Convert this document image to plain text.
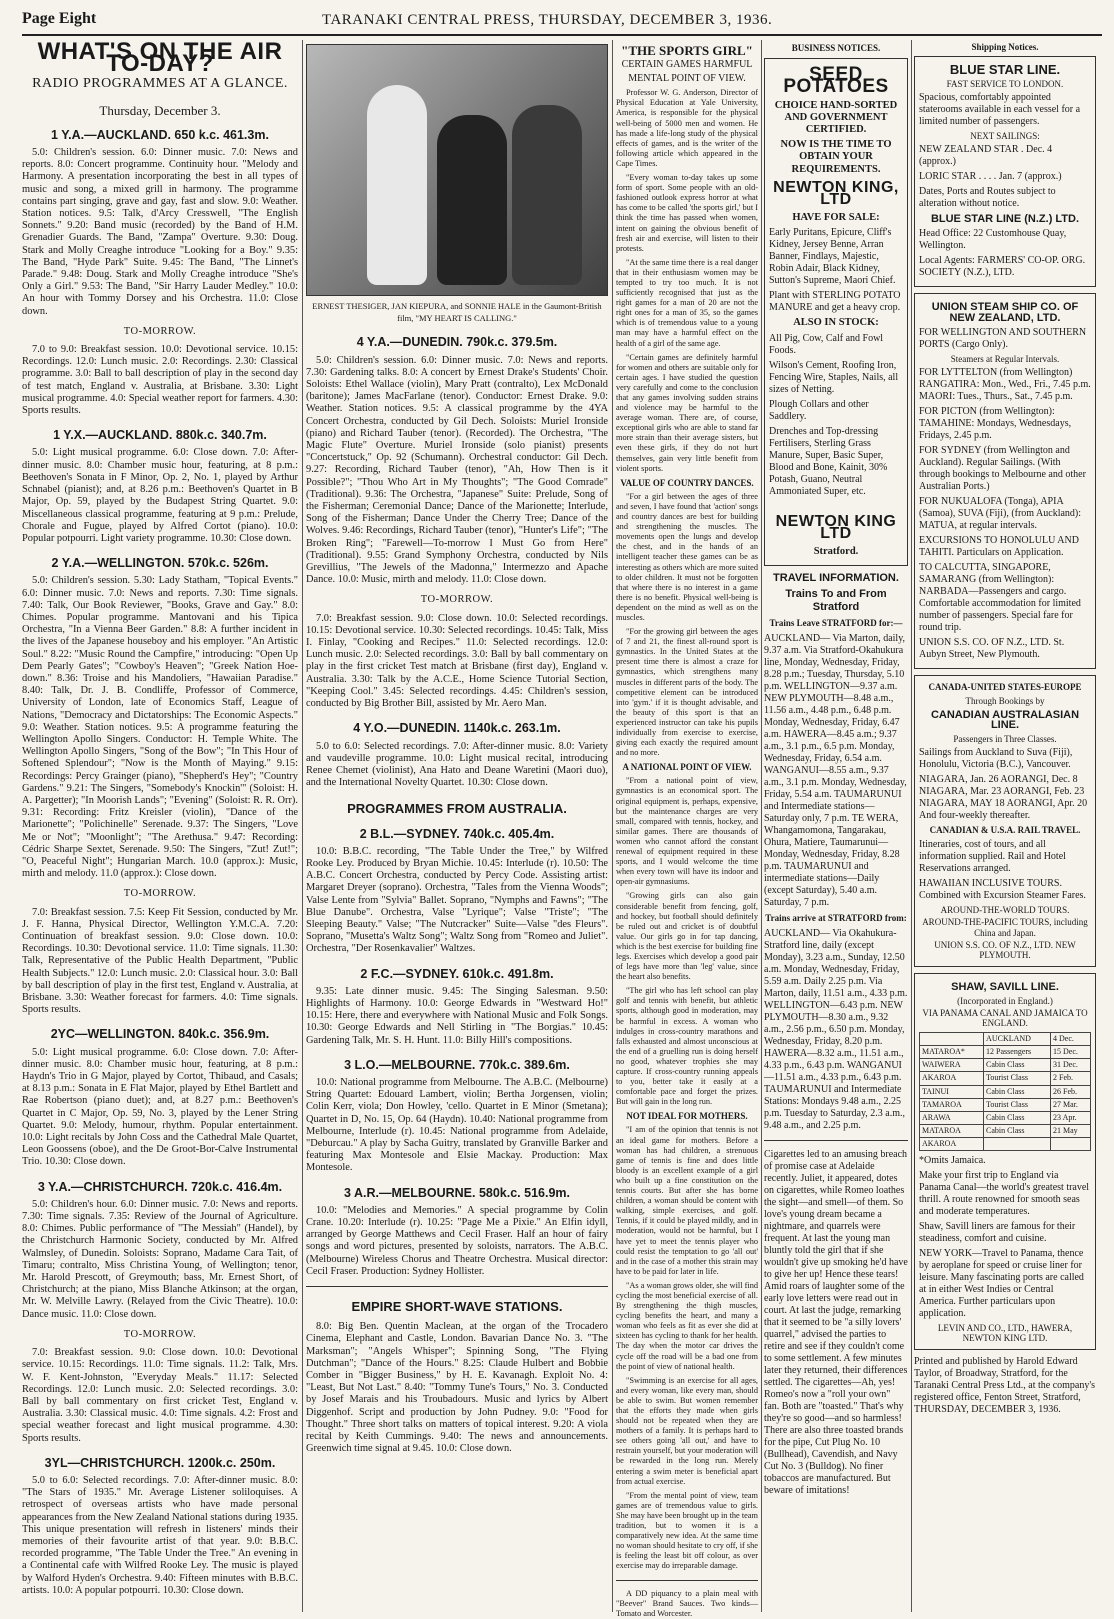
Page Eight	TARANAKI CENTRAL PRESS, THURSDAY, DECEMBER 3, 1936.
WHAT'S ON THE AIR TO-DAY?
RADIO PROGRAMMES AT A GLANCE.
Thursday, December 3.
1 Y.A.—AUCKLAND. 650 k.c. 461.3m.

5.0: Children's session. 6.0: Dinner music. 7.0: News and reports. 8.0: Concert programme. Continuity hour. "Melody and Harmony. A presentation incorporating the best in all types of music and song, a mixed grill in harmony. The programme contains part singing, grave and gay, fast and slow. 9.0: Weather. Station notices. 9.5: Talk, d'Arcy Cresswell, "The English Sonnets." 9.20: Band music (recorded) by the Band of H.M. Grenadier Guards. The Band, "Zampa" Overture. 9.30: Doug. Stark and Molly Creaghe introduce "Looking for a Boy." 9.35: The Band, "Hyde Park" Suite. 9.45: The Band, "The Linnet's Parade." 9.48: Doug. Stark and Molly Creaghe introduce "She's Only a Girl." 9.53: The Band, "Sir Harry Lauder Medley." 10.0: An hour with Tommy Dorsey and his Orchestra. 11.0: Close down.

TO-MORROW.

7.0 to 9.0: Breakfast session. 10.0: Devotional service. 10.15: Recordings. 12.0: Lunch music. 2.0: Recordings. 2.30: Classical programme. 3.0: Ball to ball description of play in the second day of test match, England v. Australia, at Brisbane. 3.30: Light musical programme. 4.0: Special weather report for farmers. 4.30: Sports results.

1 Y.X.—AUCKLAND. 880k.c. 340.7m.

5.0: Light musical programme. 6.0: Close down. 7.0: After-dinner music. 8.0: Chamber music hour, featuring, at 8 p.m.: Beethoven's Sonata in F Minor, Op. 2, No. 1, played by Arthur Schnabel (pianist); and, at 8.26 p.m.: Beethoven's Quartet in B Major, Op. 59, played by the Budapest String Quartet. 9.0: Miscellaneous classical programme, featuring at 9 p.m.: Prelude, Chorale and Fugue, played by Alfred Cortot (piano). 10.0: Popular potpourri. Light variety programme. 10.30: Close down.

2 Y.A.—WELLINGTON. 570k.c. 526m.

5.0: Children's session. 5.30: Lady Statham, "Topical Events." 6.0: Dinner music. 7.0: News and reports. 7.30: Time signals. 7.40: Talk, Our Book Reviewer, "Books, Grave and Gay." 8.0: Chimes. Popular programme. Mantovani and his Tipica Orchestra, "In a Vienna Beer Garden." 8.8: A further incident in the lives of the Japanese houseboy and his employer. "An Artistic Soul." 8.22: "Music Round the Campfire," introducing: "Open Up Dem Pearly Gates"; "Cowboy's Heaven"; "Greek Nation Hoe-down." 8.36: Troise and his Mandoliers, "Hawaiian Paradise." 8.40: Talk, Dr. J. B. Condliffe, Professor of Commerce, University of London, late of Economics Staff, League of Nations, "Democracy and Dictatorships: The Economic Aspects." 9.0: Weather. Station notices. 9.5: A programme featuring the Wellington Apollo Singers. Conductor: H. Temple White. The Wellington Apollo Singers, "Song of the Bow"; "In This Hour of Softened Splendour"; "Now is the Month of Maying." 9.15: Recordings: Percy Grainger (piano), "Shepherd's Hey"; "Country Gardens." 9.21: The Singers, "Somebody's Knockin'" (Soloist: H. A. Pargetter); "In Moorish Lands"; "Evening" (Soloist: R. R. Orr). 9.31: Recording: Fritz Kreisler (violin), "Dance of the Marionette"; "Polichinelle" Serenade. 9.37: The Singers, "Love Me or Not"; "Moonlight"; "The Arethusa." 9.47: Recording: Cédric Sharpe Sextet, Serenade. 9.50: The Singers, "Zut! Zut!"; "O, Peaceful Night"; Hungarian March. 10.0 (approx.): Music, mirth and melody. 11.0 (approx.): Close down.

TO-MORROW.

7.0: Breakfast session. 7.5: Keep Fit Session, conducted by Mr. J. F. Hanna, Physical Director, Wellington Y.M.C.A. 7.20: Continuation of breakfast session. 9.0: Close down. 10.0: Recordings. 10.30: Devotional service. 11.0: Time signals. 11.30: Talk, Representative of the Public Health Department, "Public Health Subjects." 12.0: Lunch music. 2.0: Classical hour. 3.0: Ball by ball description of play in the first test, England v. Australia, at Brisbane. 3.30: Weather forecast for farmers. 4.0: Time signals. Sports results.

2YC—WELLINGTON. 840k.c. 356.9m.

5.0: Light musical programme. 6.0: Close down. 7.0: After-dinner music. 8.0: Chamber music hour, featuring, at 8 p.m.: Haydn's Trio in G Major, played by Cortot, Thibaud, and Casals; at 8.13 p.m.: Sonata in E Flat Major, played by Ethel Bartlett and Rae Robertson (piano duet); and, at 8.27 p.m.: Beethoven's Quartet in C Major, Op. 59, No. 3, played by the Lener String Quartet. 9.0: Melody, humour, rhythm. Popular entertainment. 10.0: Light recitals by John Coss and the Cathedral Male Quartet, Leon Goossens (oboe), and the De Groot-Bor-Calve Instrumental Trio. 10.30: Close down.

3 Y.A.—CHRISTCHURCH. 720k.c. 416.4m.

5.0: Children's hour. 6.0: Dinner music. 7.0: News and reports. 7.30: Time signals. 7.35: Review of the Journal of Agriculture. 8.0: Chimes. Public performance of "The Messiah" (Handel), by the Christchurch Harmonic Society, conducted by Mr. Alfred Walmsley, of Dunedin. Soloists: Soprano, Madame Cara Tait, of Timaru; contralto, Miss Christina Young, of Wellington; tenor, Mr. Harold Prescott, of Greymouth; bass, Mr. Ernest Short, of Christchurch; at the piano, Miss Blanche Atkinson; at the organ, Mr. W. Melville Lawry. (Relayed from the Civic Theatre). 10.0: Dance music. 11.0: Close down.

TO-MORROW.

7.0: Breakfast session. 9.0: Close down. 10.0: Devotional service. 10.15: Recordings. 11.0: Time signals. 11.2: Talk, Mrs. W. F. Kent-Johnston, "Everyday Meals." 11.17: Selected Recordings. 12.0: Lunch music. 2.0: Selected recordings. 3.0: Ball by ball commentary on first cricket Test, England v. Australia. 3.30: Classical music. 4.0: Time signals. 4.2: Frost and special weather forecast and light musical programme. 4.30: Sports results.

3YL—CHRISTCHURCH. 1200k.c. 250m.

5.0 to 6.0: Selected recordings. 7.0: After-dinner music. 8.0: "The Stars of 1935." Mr. Average Listener soliloquises. A retrospect of overseas artists who have made personal appearances from the New Zealand National stations during 1935. This unique presentation will refresh in listeners' minds their memories of their favourite artist of that year. 9.0: B.B.C. recorded programme, "The Table Under the Tree." An evening in a Continental cafe with Wilfred Rooke Ley. The music is played by Walford Hyden's Orchestra. 9.40: Fifteen minutes with B.B.C. artists. 10.0: A popular potpourri. 10.30: Close down.

ERNEST THESIGER, JAN KIEPURA, and SONNIE HALE in the Gaumont-British film, "MY HEART IS CALLING."
4 Y.A.—DUNEDIN. 790k.c. 379.5m.

5.0: Children's session. 6.0: Dinner music. 7.0: News and reports. 7.30: Gardening talks. 8.0: A concert by Ernest Drake's Students' Choir. Soloists: Ethel Wallace (violin), Mary Pratt (contralto), Lex McDonald (baritone); James MacFarlane (tenor). Conductor: Ernest Drake. 9.0: Weather. Station notices. 9.5: A classical programme by the 4YA Concert Orchestra, conducted by Gil Dech. Soloists: Muriel Ironside (piano) and Richard Tauber (tenor). (Recorded). The Orchestra, "The Magic Flute" Overture. Muriel Ironside (solo pianist) presents "Concertstuck," Op. 92 (Schumann). Orchestral conductor: Gil Dech. 9.27: Recording, Richard Tauber (tenor), "Ah, How Then is it Possible?"; "Thou Who Art in My Thoughts"; "The Good Comrade" (Traditional). 9.36: The Orchestra, "Japanese" Suite: Prelude, Song of the Fisherman; Ceremonial Dance; Dance of the Marionette; Interlude, Song of the Fisherman; Dance Under the Cherry Tree; Dance of the Wolves. 9.46: Recordings, Richard Tauber (tenor), "Hunter's Life"; "The Broken Ring"; "Farewell—To-morrow I Must Go from Here" (Traditional). 9.55: Grand Symphony Orchestra, conducted by Nils Grevillius, "The Jewels of the Madonna," Intermezzo and Apache Dance. 10.0: Music, mirth and melody. 11.0: Close down.

TO-MORROW.

7.0: Breakfast session. 9.0: Close down. 10.0: Selected recordings. 10.15: Devotional service. 10.30: Selected recordings. 10.45: Talk, Miss I. Finlay, "Cooking and Recipes." 11.0: Selected recordings. 12.0: Lunch music. 2.0: Selected recordings. 3.0: Ball by ball commentary on play in the first cricket Test match at Brisbane (first day), England v. Australia. 3.30: Talk by the A.C.E., Home Science Tutorial Section, "Keeping Cool." 3.45: Selected recordings. 4.45: Children's session, conducted by Big Brother Bill, assisted by Mr. Aero Man.

4 Y.O.—DUNEDIN. 1140k.c. 263.1m.

5.0 to 6.0: Selected recordings. 7.0: After-dinner music. 8.0: Variety and vaudeville programme. 10.0: Light musical recital, introducing Renee Chemet (violinist), Ana Hato and Deane Waretini (Maori duo), and the International Novelty Quartet. 10.30: Close down.

PROGRAMMES FROM AUSTRALIA.
2 B.L.—SYDNEY. 740k.c. 405.4m.

10.0: B.B.C. recording, "The Table Under the Tree," by Wilfred Rooke Ley. Produced by Bryan Michie. 10.45: Interlude (r). 10.50: The A.B.C. Concert Orchestra, conducted by Percy Code. Assisting artist: Margaret Dreyer (soprano). Orchestra, "Tales from the Vienna Woods"; Valse Lente from "Sylvia" Ballet. Soprano, "Nymphs and Fawns"; "The Blue Danube". Orchestra, Valse "Lyrique"; Valse "Triste"; "The Sleeping Beauty." Valse; "The Nutcracker" Suite—Valse "des Fleurs". Soprano, "Musetta's Waltz Song"; Waltz Song from "Romeo and Juliet". Orchestra, "Der Rosenkavalier" Waltzes.

2 F.C.—SYDNEY. 610k.c. 491.8m.

9.35: Late dinner music. 9.45: The Singing Salesman. 9.50: Highlights of Harmony. 10.0: George Edwards in "Westward Ho!" 10.15: Here, there and everywhere with National Music and Folk Songs. 10.30: George Edwards and Nell Stirling in "The Borgias." 10.45: Gardening Talk, Mr. S. H. Hunt. 11.0: Billy Hill's compositions.

3 L.O.—MELBOURNE. 770k.c. 389.6m.

10.0: National programme from Melbourne. The A.B.C. (Melbourne) String Quartet: Edouard Lambert, violin; Bertha Jorgensen, violin; Colin Kerr, viola; Don Howley, 'cello. Quartet in E Minor (Smetana); Quartet in D, No. 15, Op. 64 (Haydn). 10.40: National programme from Melbourne, Interlude (r). 10.45: National programme from Adelaide, "Deburcau." A play by Sacha Guitry, translated by Granville Barker and featuring Max Montesole and Elsie Mackay. Production: Max Montesole.

3 A.R.—MELBOURNE. 580k.c. 516.9m.

10.0: "Melodies and Memories." A special programme by Colin Crane. 10.20: Interlude (r). 10.25: "Page Me a Pixie." An Elfin idyll, arranged by George Matthews and Cecil Fraser. Half an hour of fairy songs and word pictures, presented by soloists, narrators. The A.B.C. (Melbourne) Wireless Chorus and Theatre Orchestra. Musical director: Cecil Fraser. Production: Sydney Hollister.

EMPIRE SHORT-WAVE STATIONS.

8.0: Big Ben. Quentin Maclean, at the organ of the Trocadero Cinema, Elephant and Castle, London. Bavarian Dance No. 3. "The Marksman"; "Angels Whisper"; Spinning Song, "The Flying Dutchman"; "Dance of the Hours." 8.25: Claude Hulbert and Bobbie Comber in "Bigger Business," by H. E. Kavanagh. Exploit No. 4: "Least, But Not Last." 8.40: "Tommy Tune's Tours," No. 3. Conducted by Josef Marais and his Troubadours. Music and lyrics by Albert Diggenhof. Script and production by John Pudney. 9.0: "Food for Thought." Three short talks on matters of topical interest. 9.20: A viola recital by Keith Cummings. 9.40: The news and announcements. Greenwich time signal at 9.45. 10.0: Close down.

"THE SPORTS GIRL"
CERTAIN GAMES HARMFUL
MENTAL POINT OF VIEW.

Professor W. G. Anderson, Director of Physical Education at Yale University, America, is responsible for the physical well-being of 5000 men and women. He has made a life-long study of the physical effects of games, and is the writer of the following article which appeared in the Cape Times.

"Every woman to-day takes up some form of sport. Some people with an old-fashioned outlook express horror at what has come to be called 'the sports girl,' but I think the time has passed when women, intent on gaining the obvious benefit of fresh air and exercise, will listen to their protests.

"At the same time there is a real danger that in their enthusiasm women may be tempted to try too much. It is not sufficiently recognised that just as the right games for a man of 20 are not the right ones for a man of 35, so the games which is of tremendous value to a young man may have a harmful effect on the health of a girl of the same age.

"Certain games are definitely harmful for women and others are suitable only for certain ages. I have studied the question very carefully and come to the conclusion that any games involving sudden strains and violence may be harmful to the average woman. There are, of course, exceptional girls who are able to stand far more strain than their average sisters, but even these girls, if they do not hurt themselves, gain very little benefit from violent sports.

VALUE OF COUNTRY DANCES.

"For a girl between the ages of three and seven, I have found that 'action' songs and country dances are best for building and strengthening the muscles. The movements open the lungs and develop the chest, and in the hands of an intelligent teacher these games can be as interesting as others which are more suited to older children. It must not be forgotten that where there is no interest in a game there is no benefit. Physical well-being is dependent on the mind as well as on the muscles.

"For the growing girl between the ages of 7 and 21, the finest all-round sport is gymnastics. In the United States at the present time there is almost a craze for gymnastics, which strengthens many muscles in different parts of the body. The competitive element can be introduced into 'gym.' if it is thought advisable, and the beauty of this sport is that an experienced instructor can take his pupils individually from exercise to exercise, giving each exactly the required amount and no more.

A NATIONAL POINT OF VIEW.

"From a national point of view, gymnastics is an economical sport. The original equipment is, perhaps, expensive, but the maintenance charges are very small, compared with tennis, hockey, and similar games. There are thousands of women who cannot afford the constant renewal of equipment required in these sports, and I would welcome the time when every town will have its indoor and open-air gymnasiums.

"Growing girls can also gain considerable benefit from fencing, golf, and hockey, but football should definitely be ruled out and cricket is of doubtful value. Our girls go in for tap dancing, which is the best exercise for building fine legs. Exercises which develop a good pair of legs have more than 'leg' value, since the heart also benefits.

"The girl who has left school can play golf and tennis with benefit, but athletic sports, although good in moderation, may be harmful in excess. A woman who indulges in cross-country marathons and falls exhausted and almost unconscious at the end of a gruelling run is doing herself no good, whatever trophies she may capture. If cross-country running appeals to you, better take it easily at a comfortable pace and forget the prizes. But will gain in the long run.

NOT IDEAL FOR MOTHERS.

"I am of the opinion that tennis is not an ideal game for mothers. Before a woman has had children, a strenuous game of tennis is fine and does little bloody is an excellent example of a girl who built up a fine constitution on the tennis courts. But after she has borne children, a woman should be content with walking, simple exercises, and golf. Tennis, if it could be played mildly, and in moderation, would not be harmful, but I have yet to meet the tennis player who could resist the temptation to go 'all out' and in the case of a mother this strain may have to be paid for later in life.

"As a woman grows older, she will find cycling the most beneficial exercise of all. By strengthening the thigh muscles, cycling benefits the heart, and many a woman who feels as fit as ever she did at sixteen has cycling to thank for her health. The day when the motor car drives the cycle off the road will be a bad one from the point of view of national health.

"Swimming is an exercise for all ages, and every woman, like every man, should be able to swim. But women remember that the efforts they made when girls should not be repeated when they are mothers of a family. It is perhaps hard to see others going 'all out,' and have to restrain yourself, but your moderation will be rewarded in the long run. Merely entering a swim meter is beneficial apart from actual exercise.

"From the mental point of view, team games are of tremendous value to girls. She may have been brought up in the team tradition, but to women it is a comparatively new idea. At the same time no woman should hesitate to cry off, if she is feeling the least bit off colour, as over exercise may do irreparable damage.

A DD piquancy to a plain meal with "Beever" Brand Sauces. Two kinds—Tomato and Worcester.

BUSINESS NOTICES.
SEED POTATOES
CHOICE HAND-SORTED AND GOVERNMENT CERTIFIED.
NOW IS THE TIME TO OBTAIN YOUR REQUIREMENTS.
NEWTON KING, LTD
HAVE FOR SALE:
Early Puritans, Epicure, Cliff's Kidney, Jersey Benne, Arran Banner, Findlays, Majestic, Robin Adair, Black Kidney, Sutton's Supreme, Maori Chief.
Plant with STERLING POTATO MANURE and get a heavy crop.
ALSO IN STOCK:
All Pig, Cow, Calf and Fowl Foods.
Wilson's Cement, Roofing Iron, Fencing Wire, Staples, Nails, all sizes of Netting.
Plough Collars and other Saddlery.
Drenches and Top-dressing Fertilisers, Sterling Grass Manure, Super, Basic Super, Blood and Bone, Kainit, 30% Potash, Guano, Neutral Ammoniated Super, etc.
NEWTON KING LTD
Stratford.
TRAVEL INFORMATION.
Trains To and From Stratford
Trains Leave STRATFORD for:—
AUCKLAND— Via Marton, daily, 9.37 a.m. Via Stratford-Okahukura line, Monday, Wednesday, Friday, 8.28 p.m.; Tuesday, Thursday, 5.10 p.m. WELLINGTON—9.37 a.m. NEW PLYMOUTH—8.48 a.m., 11.56 a.m., 4.48 p.m., 6.48 p.m. Monday, Wednesday, Friday, 6.47 a.m. HAWERA—8.45 a.m.; 9.37 a.m., 3.1 p.m., 6.5 p.m. Monday, Wednesday, Friday, 6.54 a.m. WANGANUI—8.55 a.m., 9.37 a.m., 3.1 p.m. Monday, Wednesday, Friday, 5.54 a.m. TAUMARUNUI and Intermediate stations—Saturday only, 7 p.m. TE WERA, Whangamomona, Tangarakau, Ohura, Matiere, Taumarunui—Monday, Wednesday, Friday, 8.28 p.m. TAUMARUNUI and intermediate stations—Daily (except Saturday), 5.40 a.m. Saturday, 7 p.m.
Trains arrive at STRATFORD from:
AUCKLAND— Via Okahukura-Stratford line, daily (except Monday), 3.23 a.m., Sunday, 12.50 a.m. Monday, Wednesday, Friday, 5.59 a.m. Daily 2.25 p.m. Via Marton, daily, 11.51 a.m., 4.33 p.m. WELLINGTON—6.43 p.m. NEW PLYMOUTH—8.30 a.m., 9.32 a.m., 2.56 p.m., 6.50 p.m. Monday, Wednesday, Friday, 8.20 p.m. HAWERA—8.32 a.m., 11.51 a.m., 4.33 p.m., 6.43 p.m. WANGANUI—11.51 a.m., 4.33 p.m., 6.43 p.m. TAUMARUNUI and Intermediate Stations: Mondays 9.48 a.m., 2.25 p.m. Tuesday to Saturday, 2.3 a.m., 9.48 a.m., and 2.25 p.m.
Cigarettes led to an amusing breach of promise case at Adelaide recently. Juliet, it appeared, dotes on cigarettes, while Romeo loathes the sight—and smell—of them. So love's young dream became a nightmare, and quarrels were frequent. At last the young man bluntly told the girl that if she wouldn't give up smoking he'd have to give her up! Hence these tears! Amid roars of laughter some of the early love letters were read out in court. At last the judge, remarking that it seemed to be "a silly lovers' quarrel," advised the parties to retire and see if they couldn't come to some settlement. A few minutes later they returned, their differences settled. The cigarettes—Ah, yes! Romeo's now a "roll your own" fan. Both are "toasted." That's why they're so good—and so harmless! There are also three toasted brands for the pipe, Cut Plug No. 10 (Bullhead), Cavendish, and Navy Cut No. 3 (Bulldog). No finer tobaccos are manufactured. But beware of imitations!
Shipping Notices.
BLUE STAR LINE.
FAST SERVICE TO LONDON.
Spacious, comfortably appointed staterooms available in each vessel for a limited number of passengers.
NEXT SAILINGS:
NEW ZEALAND STAR . Dec. 4 (approx.)
LORIC STAR . . . . Jan. 7 (approx.)
Dates, Ports and Routes subject to alteration without notice.
BLUE STAR LINE (N.Z.) LTD.
Head Office: 22 Customhouse Quay, Wellington.
Local Agents: FARMERS' CO-OP. ORG. SOCIETY (N.Z.), LTD.
UNION STEAM SHIP CO. OF NEW ZEALAND, LTD.
FOR WELLINGTON AND SOUTHERN PORTS (Cargo Only).
Steamers at Regular Intervals.
FOR LYTTELTON (from Wellington) RANGATIRA: Mon., Wed., Fri., 7.45 p.m. MAORI: Tues., Thurs., Sat., 7.45 p.m.
FOR PICTON (from Wellington): TAMAHINE: Mondays, Wednesdays, Fridays, 2.45 p.m.
FOR SYDNEY (from Wellington and Auckland). Regular Sailings. (With through bookings to Melbourne and other Australian Ports.)
FOR NUKUALOFA (Tonga), APIA (Samoa), SUVA (Fiji), (from Auckland): MATUA, at regular intervals.
EXCURSIONS TO HONOLULU AND TAHITI. Particulars on Application.
TO CALCUTTA, SINGAPORE, SAMARANG (from Wellington): NARBADA—Passengers and cargo. Comfortable accommodation for limited number of passengers. Special fare for round trip.
UNION S.S. CO. OF N.Z., LTD. St. Aubyn Street, New Plymouth.
CANADA-UNITED STATES-EUROPE
Through Bookings by
CANADIAN AUSTRALASIAN LINE.
Passengers in Three Classes.
Sailings from Auckland to Suva (Fiji), Honolulu, Victoria (B.C.), Vancouver.
NIAGARA, Jan. 26 AORANGI, Dec. 8 NIAGARA, Mar. 23 AORANGI, Feb. 23 NIAGARA, MAY 18 AORANGI, Apr. 20 And four-weekly thereafter.
CANADIAN & U.S.A. RAIL TRAVEL.
Itineraries, cost of tours, and all information supplied. Rail and Hotel Reservations arranged.
HAWAIIAN INCLUSIVE TOURS. Combined with Excursion Steamer Fares.
AROUND-THE-WORLD TOURS.
AROUND-THE-PACIFIC TOURS, including China and Japan.
UNION S.S. CO. OF N.Z., LTD. NEW PLYMOUTH.
SHAW, SAVILL LINE.
(Incorporated in England.)
VIA PANAMA CANAL AND JAMAICA TO ENGLAND.
	AUCKLAND	4 Dec.
MATAROA*	12 Passengers	15 Dec.
WAIWERA	Cabin Class	31 Dec.
AKAROA	Tourist Class	2 Feb.
TAINUI	Cabin Class	26 Feb.
TAMAROA	Tourist Class	27 Mar.
ARAWA	Cabin Class	23 Apr.
MATAROA	Cabin Class	21 May
AKAROA		
*Omits Jamaica.
Make your first trip to England via Panama Canal—the world's greatest travel thrill. A route renowned for smooth seas and moderate temperatures.
Shaw, Savill liners are famous for their steadiness, comfort and cuisine.
NEW YORK—Travel to Panama, thence by aeroplane for speed or cruise liner for leisure. Many fascinating ports are called at in either West Indies or Central America. Further particulars upon application.
LEVIN AND CO., LTD., HAWERA, NEWTON KING LTD.
Printed and published by Harold Edward Taylor, of Broadway, Stratford, for the Taranaki Central Press Ltd., at the company's registered office, Fenton Street, Stratford, THURSDAY, DECEMBER 3, 1936.
